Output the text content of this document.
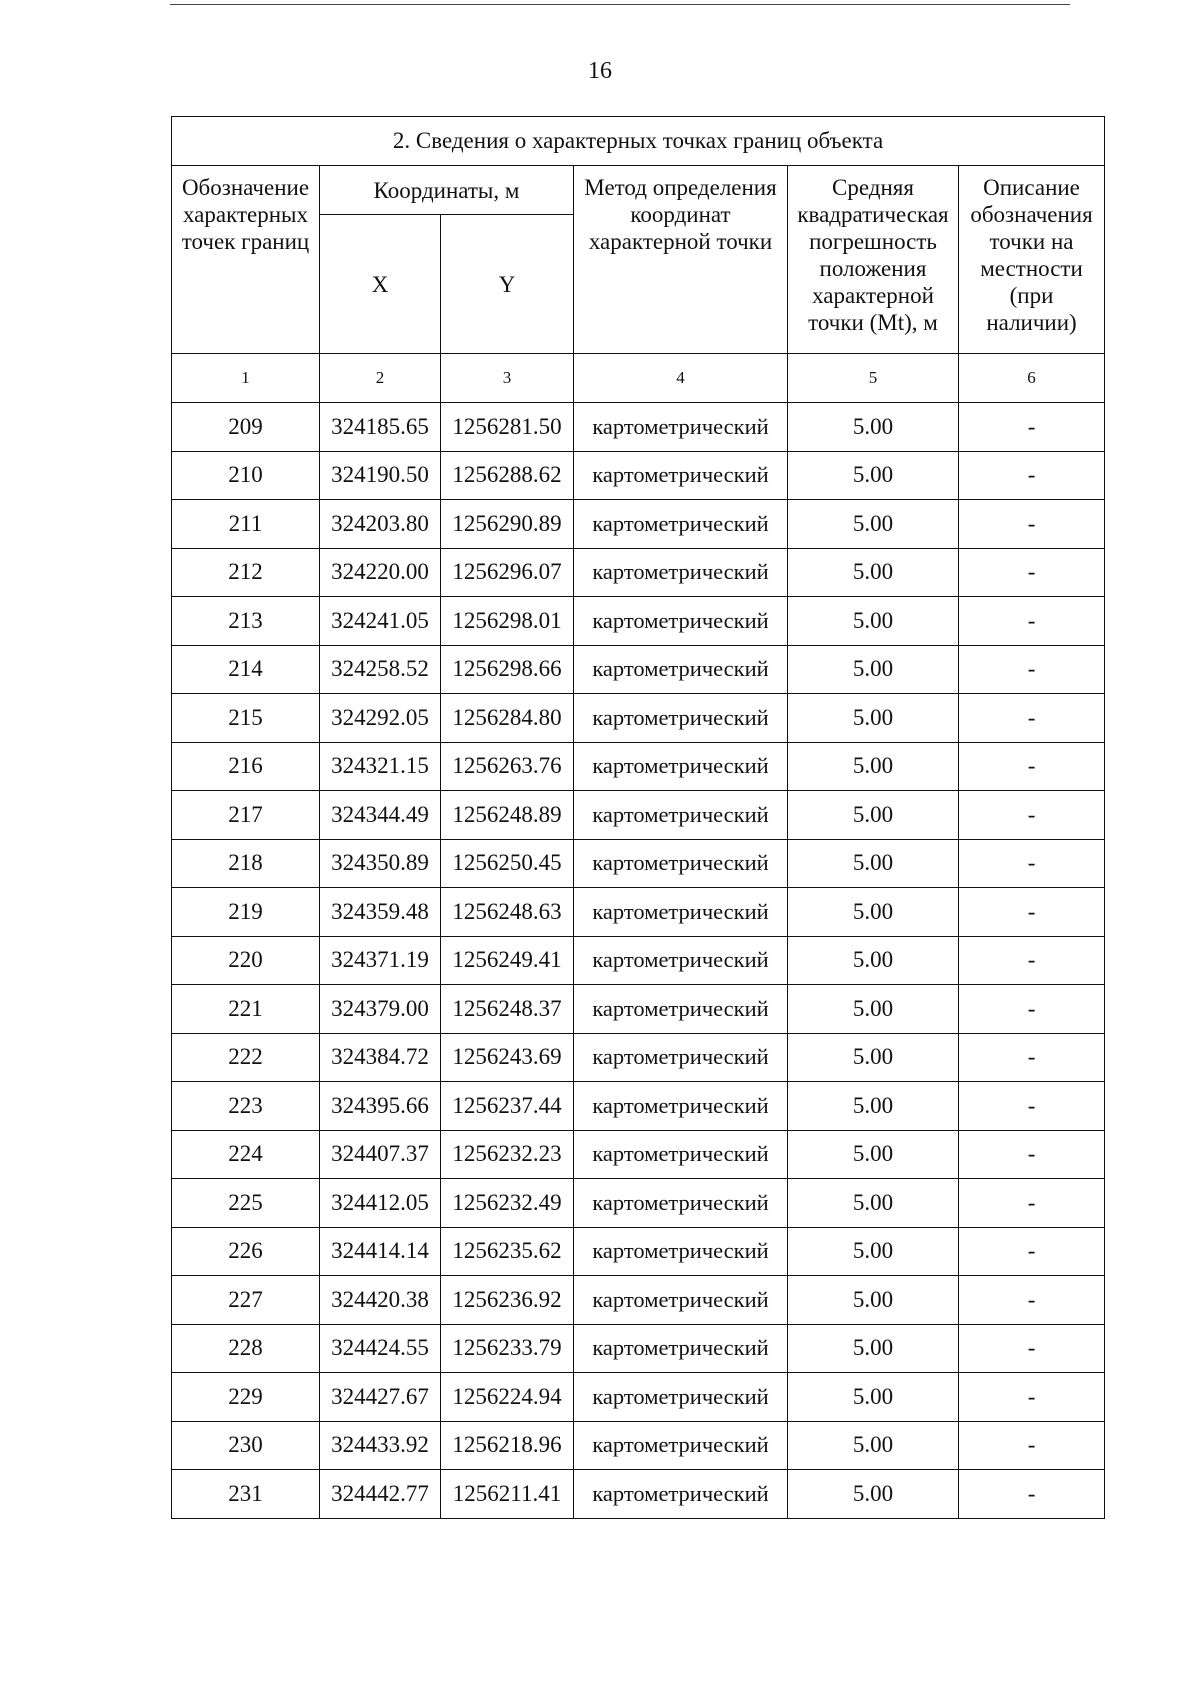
16
2. Сведения о характерных точках границ объекта					
Обозначение характерных точек границ	Координаты, м		Метод определения координат характерной точки	Средняя квадратическая погрешность положения характерной точки (Mt), м	Описание обозначения точки на местности (при наличии)
	X	Y			
1	2	3	4	5	6
209	324185.65	1256281.50	картометрический	5.00	-
210	324190.50	1256288.62	картометрический	5.00	-
211	324203.80	1256290.89	картометрический	5.00	-
212	324220.00	1256296.07	картометрический	5.00	-
213	324241.05	1256298.01	картометрический	5.00	-
214	324258.52	1256298.66	картометрический	5.00	-
215	324292.05	1256284.80	картометрический	5.00	-
216	324321.15	1256263.76	картометрический	5.00	-
217	324344.49	1256248.89	картометрический	5.00	-
218	324350.89	1256250.45	картометрический	5.00	-
219	324359.48	1256248.63	картометрический	5.00	-
220	324371.19	1256249.41	картометрический	5.00	-
221	324379.00	1256248.37	картометрический	5.00	-
222	324384.72	1256243.69	картометрический	5.00	-
223	324395.66	1256237.44	картометрический	5.00	-
224	324407.37	1256232.23	картометрический	5.00	-
225	324412.05	1256232.49	картометрический	5.00	-
226	324414.14	1256235.62	картометрический	5.00	-
227	324420.38	1256236.92	картометрический	5.00	-
228	324424.55	1256233.79	картометрический	5.00	-
229	324427.67	1256224.94	картометрический	5.00	-
230	324433.92	1256218.96	картометрический	5.00	-
231	324442.77	1256211.41	картометрический	5.00	-
